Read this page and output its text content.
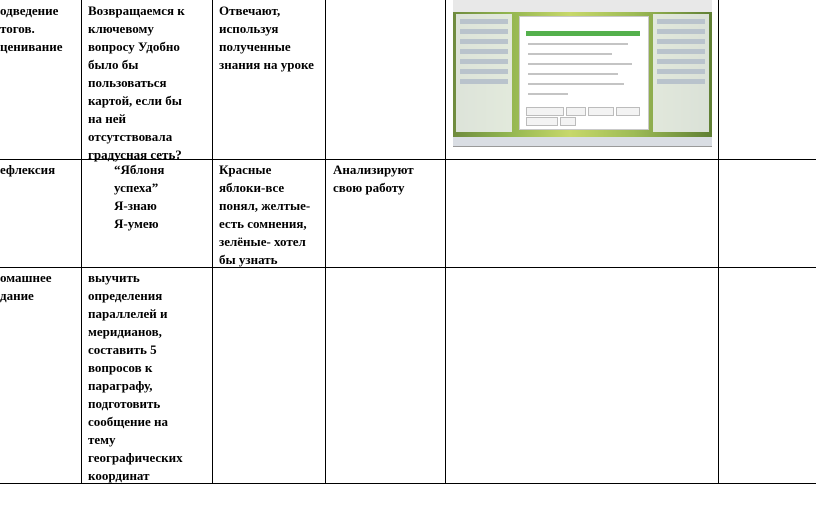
одведение
тогов.
ценивание

Возвращаемся к
ключевому
вопросу Удобно
было бы
пользоваться
картой, если бы
на ней
отсутствовала
градусная сеть?

Отвечают,
используя
полученные
знания на уроке

ефлексия	“Яблоня
успеха”
Я-знаю
Я-умею

Красные
яблоки-все
понял, желтые-
есть сомнения,
зелёные- хотел
бы узнать

Анализируют
свою работу

омашнее
дание

выучить
определения
параллелей и
меридианов,
составить 5
вопросов к
параграфу,
подготовить
сообщение на
тему
географических
координат
